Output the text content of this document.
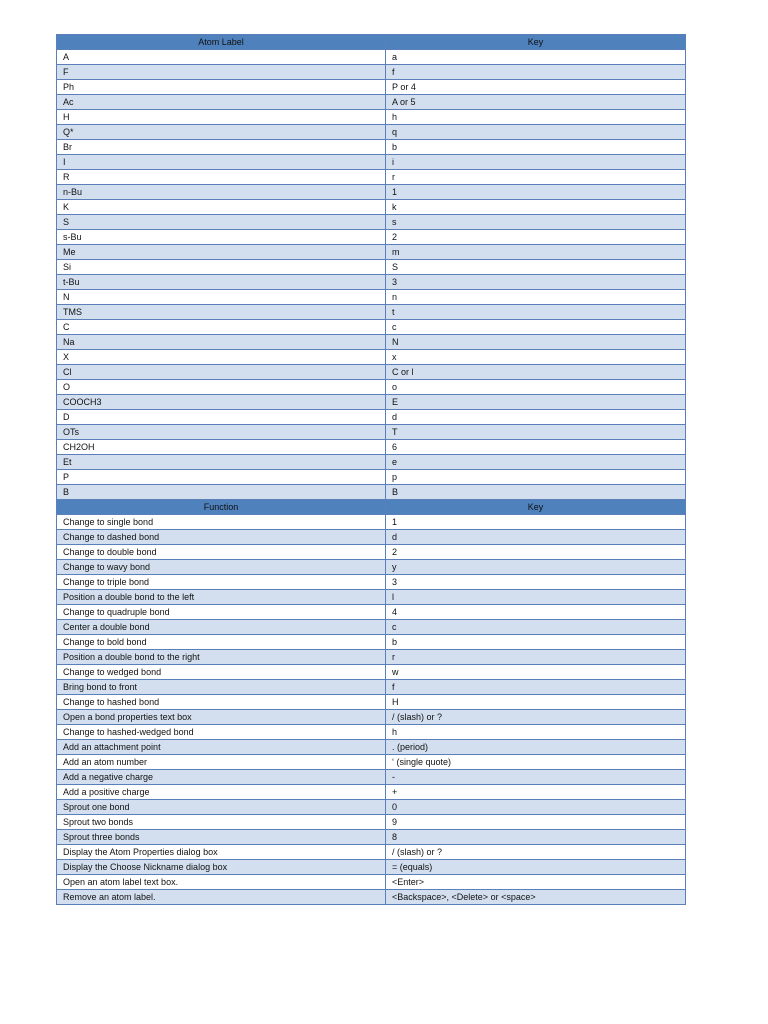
Atom Label	Key
A	a
F	f
Ph	P or 4
Ac	A or 5
H	h
Q*	q
Br	b
I	i
R	r
n-Bu	1
K	k
S	s
s-Bu	2
Me	m
Si	S
t-Bu	3
N	n
TMS	t
C	c
Na	N
X	x
Cl	C or l
O	o
COOCH3	E
D	d
OTs	T
CH2OH	6
Et	e
P	p
B	B
Function	Key
Change to single bond	1
Change to dashed bond	d
Change to double bond	2
Change to wavy bond	y
Change to triple bond	3
Position a double bond to the left	l
Change to quadruple bond	4
Center a double bond	c
Change to bold bond	b
Position a double bond to the right	r
Change to wedged bond	w
Bring bond to front	f
Change to hashed bond	H
Open a bond properties text box	/ (slash) or ?
Change to hashed-wedged bond	h
Add an attachment point	. (period)
Add an atom number	‘ (single quote)
Add a negative charge	-
Add a positive charge	+
Sprout one bond	0
Sprout two bonds	9
Sprout three bonds	8
Display the Atom Properties dialog box	/ (slash) or ?
Display the Choose Nickname dialog box	= (equals)
Open an atom label text box.	<Enter>
Remove an atom label.	<Backspace>, <Delete> or <space>
